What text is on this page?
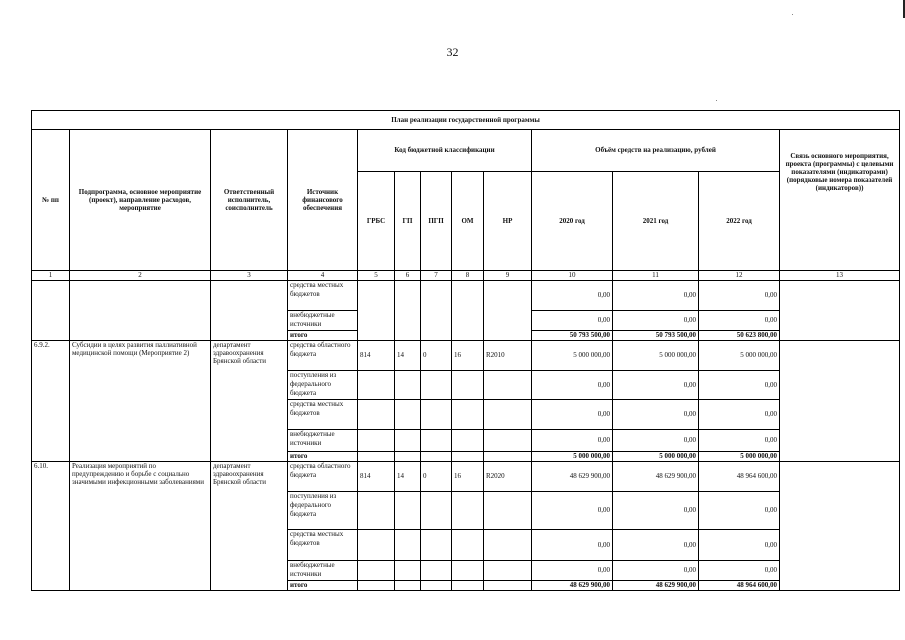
32
План реализации государственной программы												
№ пп	Подпрограмма, основное мероприятие (проект), направление расходов, мероприятие	Ответственный исполнитель, соисполнитель	Источник финансового обеспечения	Код бюджетной классификации					Объём средств на реализацию, рублей			Связь основного мероприятия, проекта (программы) с целевыми показателями (индикаторами) (порядковые номера показателей (индикаторов))
				ГРБС	ГП	ПГП	ОМ	НР	2020 год	2021 год	2022 год	
1	2	3	4	5	6	7	8	9	10	11	12	13
			средства местных бюджетов						0,00	0,00	0,00	
			внебюджетные источники						0,00	0,00	0,00	
			итого						50 793 500,00	50 793 500,00	50 623 800,00	
6.9.2.	Субсидии в целях развития паллиативной медицинской помощи (Мероприятие 2)	департамент здравоохранения Брянской области	средства областного бюджета	814	14	0	16	R2010	5 000 000,00	5 000 000,00	5 000 000,00	
			поступления из федерального бюджета						0,00	0,00	0,00	
			средства местных бюджетов						0,00	0,00	0,00	
			внебюджетные источники						0,00	0,00	0,00	
			итого						5 000 000,00	5 000 000,00	5 000 000,00	
6.10.	Реализация мероприятий по предупреждению и борьбе с социально значимыми инфекционными заболеваниями	департамент здравоохранения Брянской области	средства областного бюджета	814	14	0	16	R2020	48 629 900,00	48 629 900,00	48 964 600,00	
			поступления из федерального бюджета						0,00	0,00	0,00	
			средства местных бюджетов						0,00	0,00	0,00	
			внебюджетные источники						0,00	0,00	0,00	
			итого						48 629 900,00	48 629 900,00	48 964 600,00	
